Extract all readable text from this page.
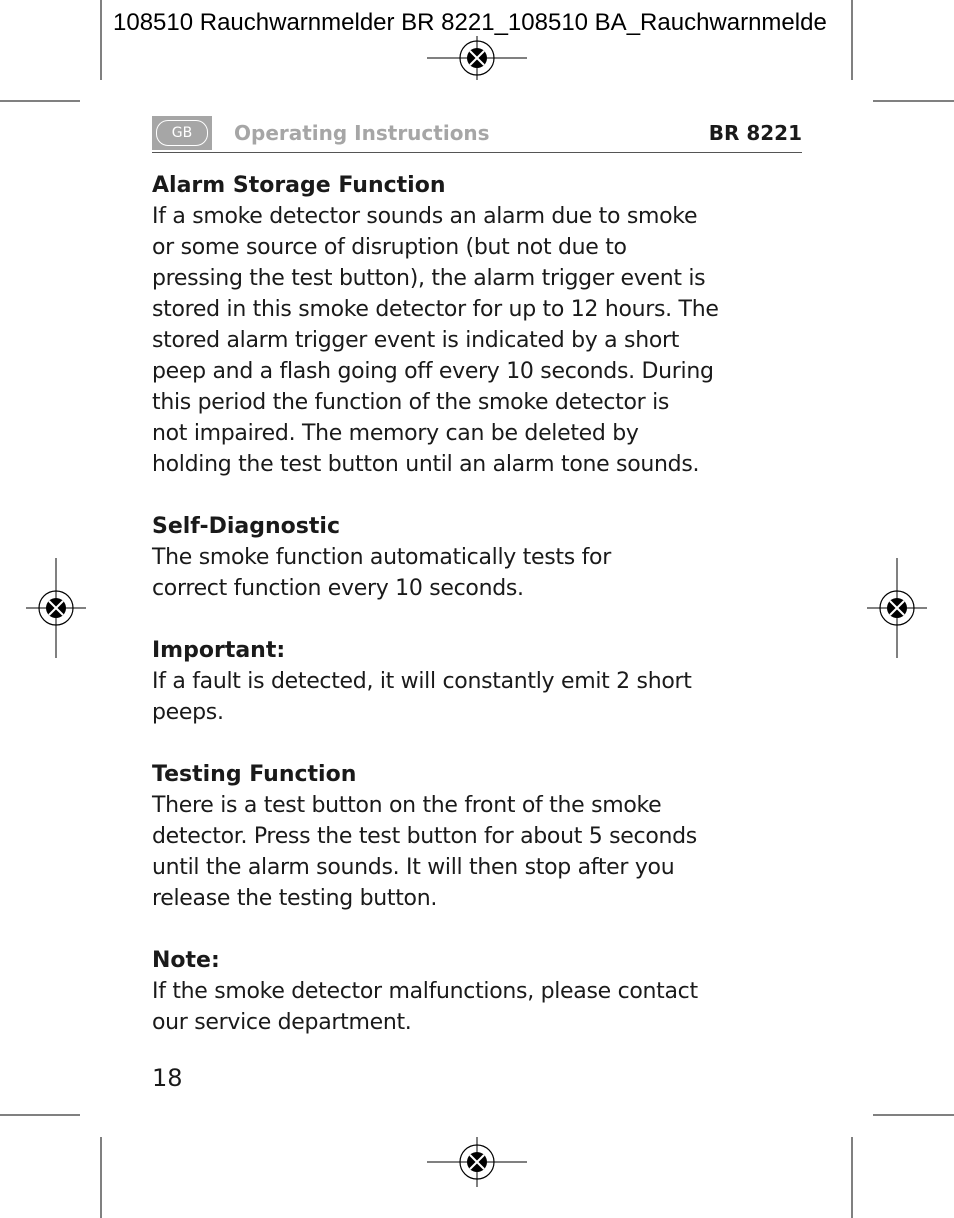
108510 Rauchwarnmelder BR 8221_108510 BA_Rauchwarnmelde
GB	Operating Instructions	BR 8221

Alarm Storage Function

If a smoke detector sounds an alarm due to smoke
or some source of disruption (but not due to
pressing the test button), the alarm trigger event is
stored in this smoke detector for up to 12 hours. The
stored alarm trigger event is indicated by a short
peep and a flash going off every 10 seconds. During
this period the function of the smoke detector is
not impaired. The memory can be deleted by
holding the test button until an alarm tone sounds.

Self-Diagnostic

The smoke function automatically tests for
correct function every 10 seconds.

Important:

If a fault is detected, it will constantly emit 2 short
peeps.

Testing Function

There is a test button on the front of the smoke
detector. Press the test button for about 5 seconds
until the alarm sounds. It will then stop after you
release the testing button.

Note:

If the smoke detector malfunctions, please contact
our service department.

18
